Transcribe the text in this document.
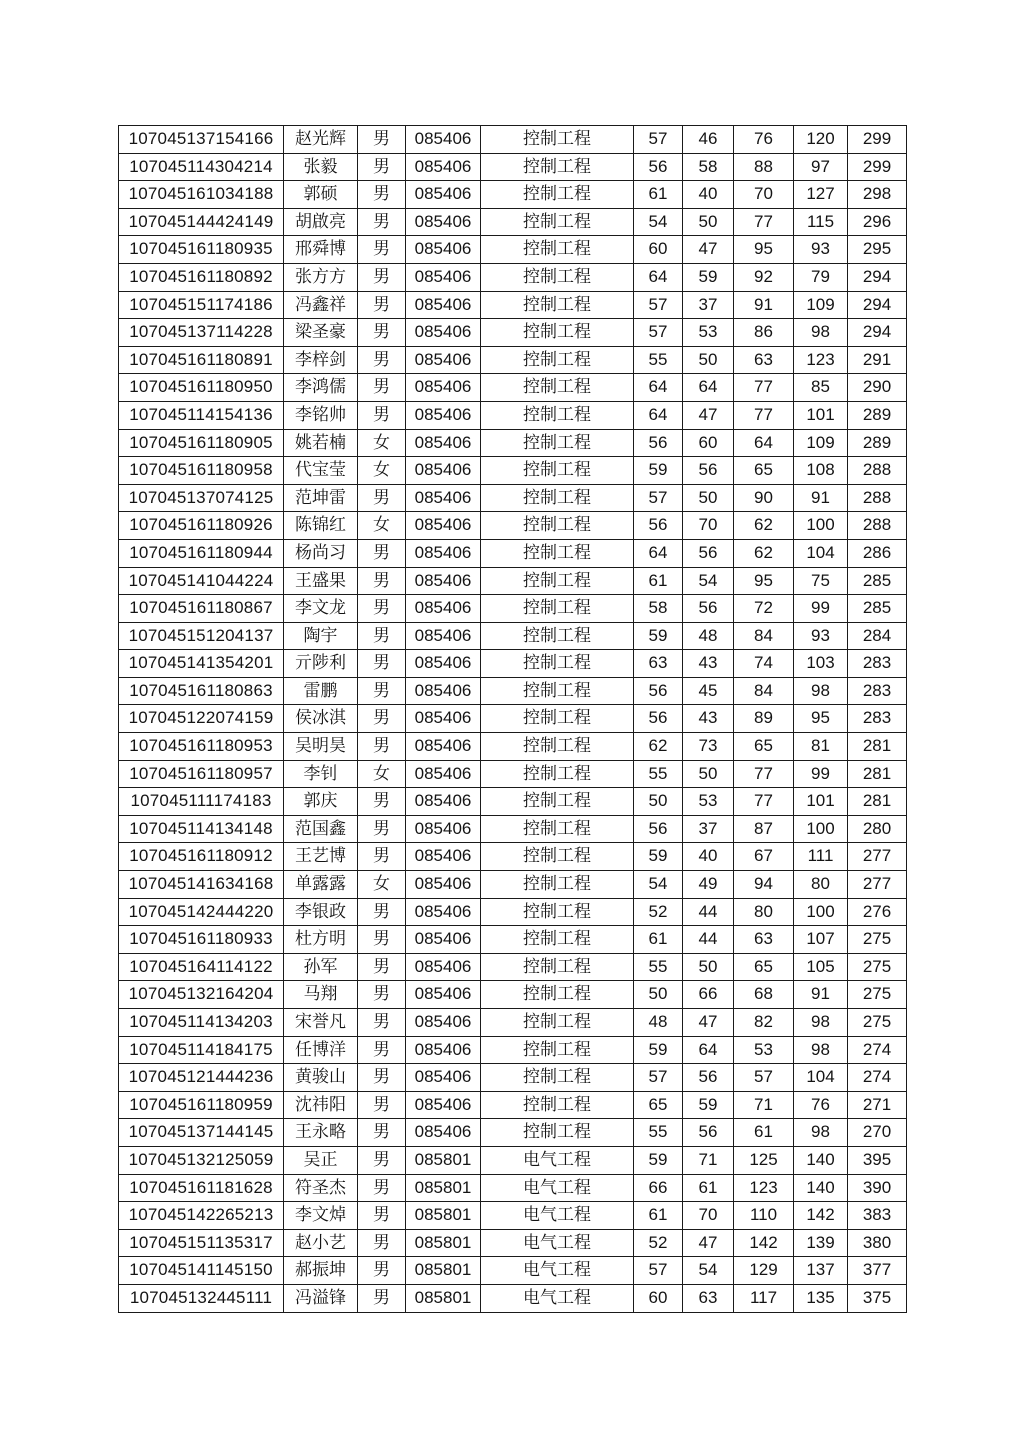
107045137154166	赵光辉	男	085406	控制工程	57	46	76	120	299
107045114304214	张毅	男	085406	控制工程	56	58	88	97	299
107045161034188	郭硕	男	085406	控制工程	61	40	70	127	298
107045144424149	胡啟亮	男	085406	控制工程	54	50	77	115	296
107045161180935	邢舜博	男	085406	控制工程	60	47	95	93	295
107045161180892	张方方	男	085406	控制工程	64	59	92	79	294
107045151174186	冯鑫祥	男	085406	控制工程	57	37	91	109	294
107045137114228	梁圣豪	男	085406	控制工程	57	53	86	98	294
107045161180891	李梓剑	男	085406	控制工程	55	50	63	123	291
107045161180950	李鸿儒	男	085406	控制工程	64	64	77	85	290
107045114154136	李铭帅	男	085406	控制工程	64	47	77	101	289
107045161180905	姚若楠	女	085406	控制工程	56	60	64	109	289
107045161180958	代宝莹	女	085406	控制工程	59	56	65	108	288
107045137074125	范坤雷	男	085406	控制工程	57	50	90	91	288
107045161180926	陈锦红	女	085406	控制工程	56	70	62	100	288
107045161180944	杨尚习	男	085406	控制工程	64	56	62	104	286
107045141044224	王盛果	男	085406	控制工程	61	54	95	75	285
107045161180867	李文龙	男	085406	控制工程	58	56	72	99	285
107045151204137	陶宇	男	085406	控制工程	59	48	84	93	284
107045141354201	亓陟利	男	085406	控制工程	63	43	74	103	283
107045161180863	雷鹏	男	085406	控制工程	56	45	84	98	283
107045122074159	侯冰淇	男	085406	控制工程	56	43	89	95	283
107045161180953	吴明昊	男	085406	控制工程	62	73	65	81	281
107045161180957	李钊	女	085406	控制工程	55	50	77	99	281
107045111174183	郭庆	男	085406	控制工程	50	53	77	101	281
107045114134148	范国鑫	男	085406	控制工程	56	37	87	100	280
107045161180912	王艺博	男	085406	控制工程	59	40	67	111	277
107045141634168	单露露	女	085406	控制工程	54	49	94	80	277
107045142444220	李银政	男	085406	控制工程	52	44	80	100	276
107045161180933	杜方明	男	085406	控制工程	61	44	63	107	275
107045164114122	孙军	男	085406	控制工程	55	50	65	105	275
107045132164204	马翔	男	085406	控制工程	50	66	68	91	275
107045114134203	宋誉凡	男	085406	控制工程	48	47	82	98	275
107045114184175	任博洋	男	085406	控制工程	59	64	53	98	274
107045121444236	黄骏山	男	085406	控制工程	57	56	57	104	274
107045161180959	沈祎阳	男	085406	控制工程	65	59	71	76	271
107045137144145	王永略	男	085406	控制工程	55	56	61	98	270
107045132125059	吴正	男	085801	电气工程	59	71	125	140	395
107045161181628	符圣杰	男	085801	电气工程	66	61	123	140	390
107045142265213	李文焯	男	085801	电气工程	61	70	110	142	383
107045151135317	赵小艺	男	085801	电气工程	52	47	142	139	380
107045141145150	郝振坤	男	085801	电气工程	57	54	129	137	377
107045132445111	冯溢锋	男	085801	电气工程	60	63	117	135	375
